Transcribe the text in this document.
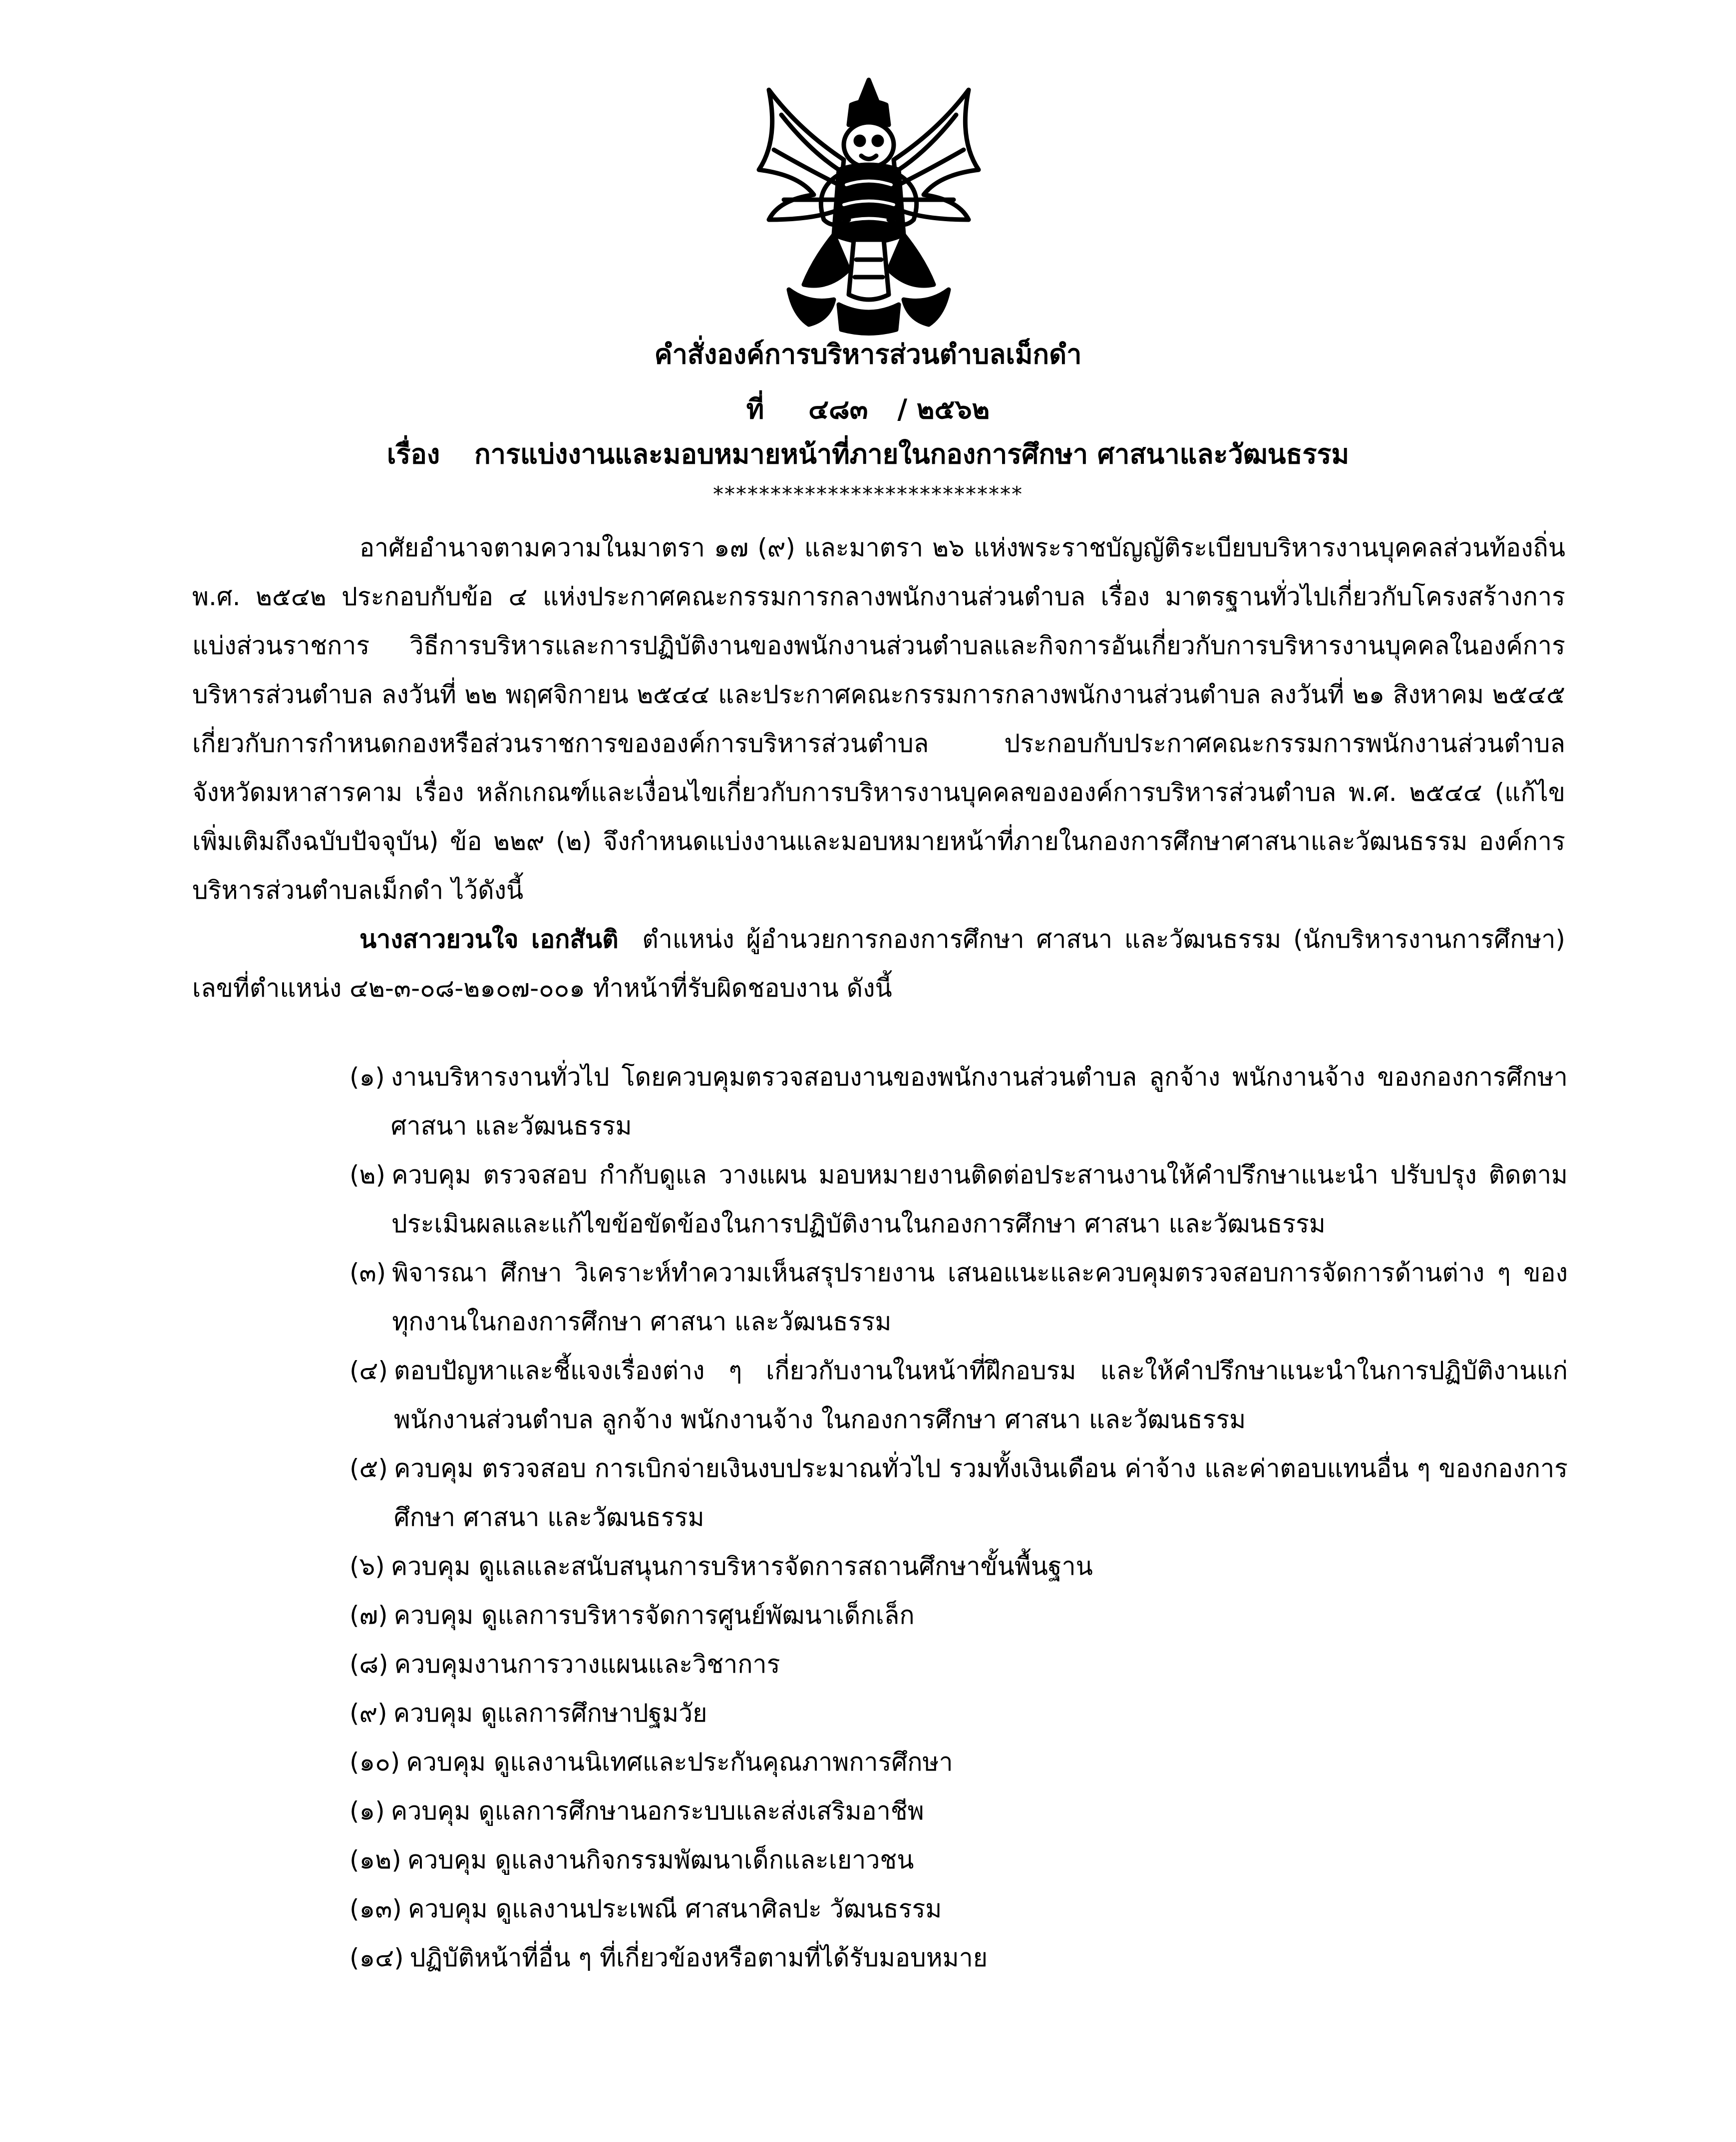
คำสั่งองค์การบริหารส่วนตำบลเม็กดำ
ที่ ๔๘๓ / ๒๕๖๒
เรื่อง การแบ่งงานและมอบหมายหน้าที่ภายในกองการศึกษา ศาสนาและวัฒนธรรม
***************************

อาศัยอำนาจตามความในมาตรา ๑๗ (๙) และมาตรา ๒๖ แห่งพระราชบัญญัติระเบียบบริหารงานบุคคลส่วนท้องถิ่น พ.ศ. ๒๕๔๒ ประกอบกับข้อ ๔ แห่งประกาศคณะกรรมการกลางพนักงานส่วนตำบล เรื่อง มาตรฐานทั่วไปเกี่ยวกับโครงสร้างการแบ่งส่วนราชการ วิธีการบริหารและการปฏิบัติงานของพนักงานส่วนตำบลและกิจการอันเกี่ยวกับการบริหารงานบุคคลในองค์การบริหารส่วนตำบล ลงวันที่ ๒๒ พฤศจิกายน ๒๕๔๔ และประกาศคณะกรรมการกลางพนักงานส่วนตำบล ลงวันที่ ๒๑ สิงหาคม ๒๕๔๕ เกี่ยวกับการกำหนดกองหรือส่วนราชการขององค์การบริหารส่วนตำบล ประกอบกับประกาศคณะกรรมการพนักงานส่วนตำบลจังหวัดมหาสารคาม เรื่อง หลักเกณฑ์และเงื่อนไขเกี่ยวกับการบริหารงานบุคคลขององค์การบริหารส่วนตำบล พ.ศ. ๒๕๔๔ (แก้ไขเพิ่มเติมถึงฉบับปัจจุบัน) ข้อ ๒๒๙ (๒) จึงกำหนดแบ่งงานและมอบหมายหน้าที่ภายในกองการศึกษาศาสนาและวัฒนธรรม องค์การบริหารส่วนตำบลเม็กดำ ไว้ดังนี้

นางสาวยวนใจ เอกสันติ ตำแหน่ง ผู้อำนวยการกองการศึกษา ศาสนา และวัฒนธรรม (นักบริหารงานการศึกษา) เลขที่ตำแหน่ง ๔๒-๓-๐๘-๒๑๐๗-๐๐๑ ทำหน้าที่รับผิดชอบงาน ดังนี้

(๑) งานบริหารงานทั่วไป โดยควบคุมตรวจสอบงานของพนักงานส่วนตำบล ลูกจ้าง พนักงานจ้าง ของกองการศึกษา ศาสนา และวัฒนธรรม
(๒) ควบคุม ตรวจสอบ กำกับดูแล วางแผน มอบหมายงานติดต่อประสานงานให้คำปรึกษาแนะนำ ปรับปรุง ติดตามประเมินผลและแก้ไขข้อขัดข้องในการปฏิบัติงานในกองการศึกษา ศาสนา และวัฒนธรรม
(๓) พิจารณา ศึกษา วิเคราะห์ทำความเห็นสรุปรายงาน เสนอแนะและควบคุมตรวจสอบการจัดการด้านต่าง ๆ ของทุกงานในกองการศึกษา ศาสนา และวัฒนธรรม
(๔) ตอบปัญหาและชี้แจงเรื่องต่าง ๆ เกี่ยวกับงานในหน้าที่ฝึกอบรม และให้คำปรึกษาแนะนำในการปฏิบัติงานแก่พนักงานส่วนตำบล ลูกจ้าง พนักงานจ้าง ในกองการศึกษา ศาสนา และวัฒนธรรม
(๕) ควบคุม ตรวจสอบ การเบิกจ่ายเงินงบประมาณทั่วไป รวมทั้งเงินเดือน ค่าจ้าง และค่าตอบแทนอื่น ๆ ของกองการศึกษา ศาสนา และวัฒนธรรม
(๖) ควบคุม ดูแลและสนับสนุนการบริหารจัดการสถานศึกษาขั้นพื้นฐาน
(๗) ควบคุม ดูแลการบริหารจัดการศูนย์พัฒนาเด็กเล็ก
(๘) ควบคุมงานการวางแผนและวิชาการ
(๙) ควบคุม ดูแลการศึกษาปฐมวัย
(๑๐) ควบคุม ดูแลงานนิเทศและประกันคุณภาพการศึกษา
(๑) ควบคุม ดูแลการศึกษานอกระบบและส่งเสริมอาชีพ
(๑๒) ควบคุม ดูแลงานกิจกรรมพัฒนาเด็กและเยาวชน
(๑๓) ควบคุม ดูแลงานประเพณี ศาสนาศิลปะ วัฒนธรรม
(๑๔) ปฏิบัติหน้าที่อื่น ๆ ที่เกี่ยวข้องหรือตามที่ได้รับมอบหมาย
